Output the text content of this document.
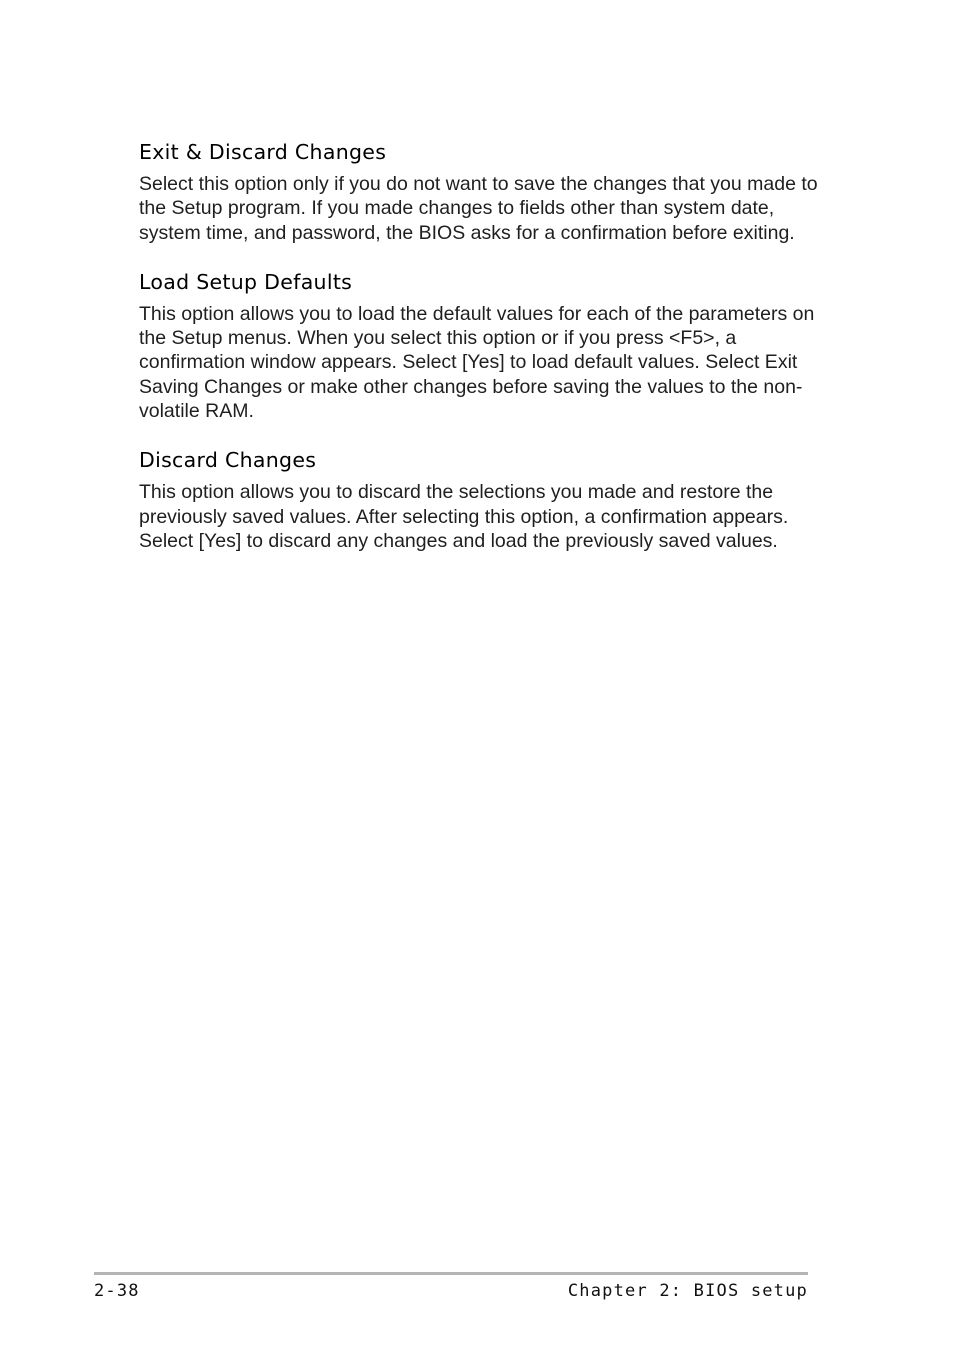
Exit & Discard Changes

Select this option only if you do not want to save the changes that you made to the Setup program. If you made changes to fields other than system date, system time, and password, the BIOS asks for a confirmation before exiting.

Load Setup Defaults

This option allows you to load the default values for each of the parameters on the Setup menus. When you select this option or if you press <F5>, a confirmation window appears. Select [Yes] to load default values. Select Exit Saving Changes or make other changes before saving the values to the non-volatile RAM.

Discard Changes

This option allows you to discard the selections you made and restore the previously saved values. After selecting this option, a confirmation appears. Select [Yes] to discard any changes and load the previously saved values.

2-38	Chapter 2: BIOS setup
